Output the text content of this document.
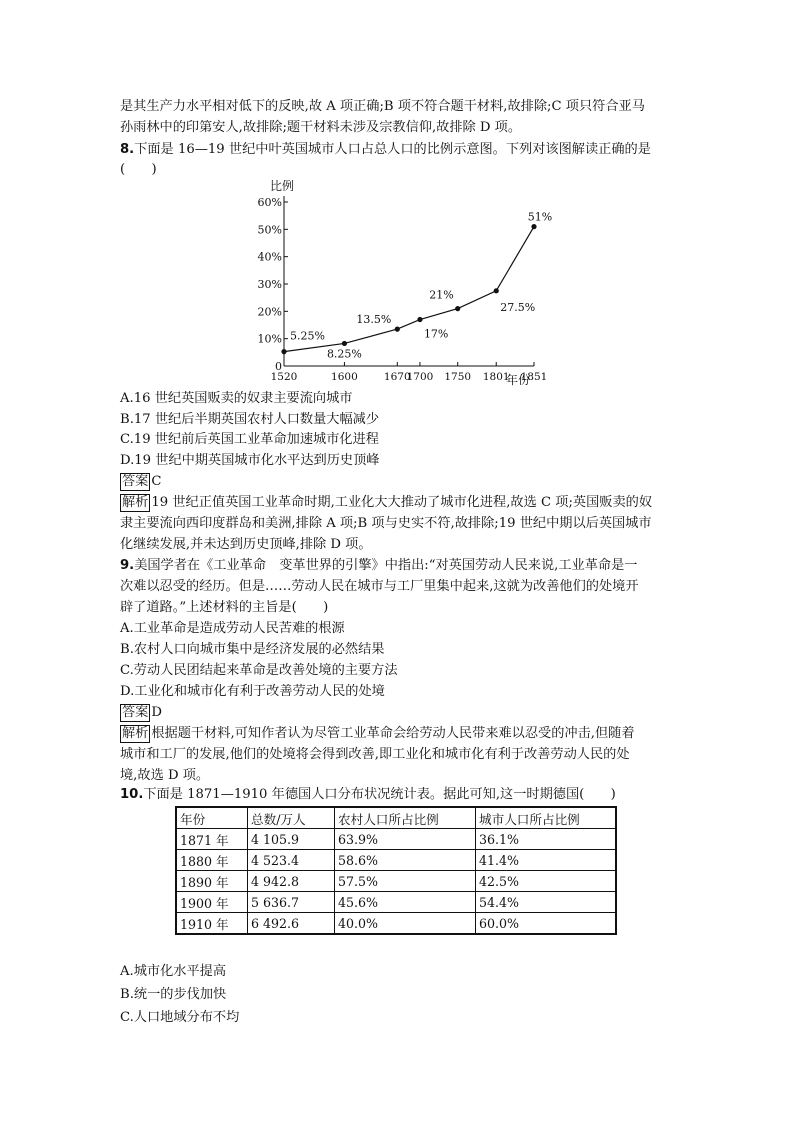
是其生产力水平相对低下的反映,故 A 项正确;B 项不符合题干材料,故排除;C 项只符合亚马
孙雨林中的印第安人,故排除;题干材料未涉及宗教信仰,故排除 D 项。
8.下面是 16—19 世纪中叶英国城市人口占总人口的比例示意图。下列对该图解读正确的是
(　　)
比例
年份
0
10%
20%
30%
40%
50%
60%
1520	1600 1670
1700 1750 1801 1851
5.25%
8.25%
13.5%
17%
21%
27.5%
51%
A.16 世纪英国贩卖的奴隶主要流向城市
B.17 世纪后半期英国农村人口数量大幅减少
C.19 世纪前后英国工业革命加速城市化进程
D.19 世纪中期英国城市化水平达到历史顶峰
答案 C
解析 19 世纪正值英国工业革命时期,工业化大大推动了城市化进程,故选 C 项;英国贩卖的奴
隶主要流向西印度群岛和美洲,排除 A 项;B 项与史实不符,故排除;19 世纪中期以后英国城市
化继续发展,并未达到历史顶峰,排除 D 项。
9.美国学者在《工业革命　变革世界的引擎》中指出:“对英国劳动人民来说,工业革命是一
次难以忍受的经历。但是……劳动人民在城市与工厂里集中起来,这就为改善他们的处境开
辟了道路。”上述材料的主旨是(　　)
A.工业革命是造成劳动人民苦难的根源
B.农村人口向城市集中是经济发展的必然结果
C.劳动人民团结起来革命是改善处境的主要方法
D.工业化和城市化有利于改善劳动人民的处境
答案 D
解析 根据题干材料,可知作者认为尽管工业革命会给劳动人民带来难以忍受的冲击,但随着
城市和工厂的发展,他们的处境将会得到改善,即工业化和城市化有利于改善劳动人民的处
境,故选 D 项。
10.下面是 1871—1910 年德国人口分布状况统计表。据此可知,这一时期德国(　　)
年份	总数/万人	农村人口所占比例	城市人口所占比例
1871 年	4 105.9	63.9%	36.1%
1880 年	4 523.4	58.6%	41.4%
1890 年	4 942.8	57.5%	42.5%
1900 年	5 636.7	45.6%	54.4%
1910 年	6 492.6	40.0%	60.0%
A.城市化水平提高
B.统一的步伐加快
C.人口地域分布不均
